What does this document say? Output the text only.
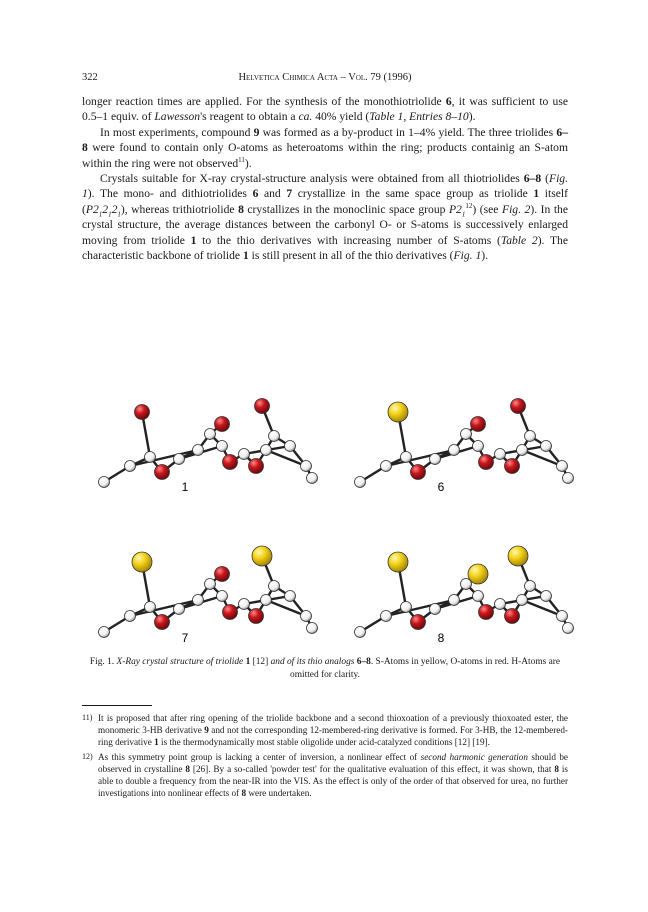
322	Helvetica Chimica Acta – Vol. 79 (1996)

longer reaction times are applied. For the synthesis of the monothiotriolide 6, it was sufficient to use 0.5–1 equiv. of Lawesson's reagent to obtain a ca. 40% yield (Table 1, Entries 8–10).

In most experiments, compound 9 was formed as a by-product in 1–4% yield. The three triolides 6–8 were found to contain only O-atoms as heteroatoms within the ring; products containig an S-atom within the ring were not observed$^{11}$).

Crystals suitable for X-ray crystal-structure analysis were obtained from all thiotriolides 6–8 (Fig. 1). The mono- and dithiotriolides 6 and 7 crystallize in the same space group as triolide 1 itself $(P2_12_12_1)$, whereas trithiotriolide 8 crystallizes in the monoclinic space group $P2_1^{12}$) (see Fig. 2). In the crystal structure, the average distances between the carbonyl O- or S-atoms is successively enlarged moving from triolide 1 to the thio derivatives with increasing number of S-atoms (Table 2). The characteristic backbone of triolide 1 is still present in all of the thio derivatives (Fig. 1).

1	6
7	8
Fig. 1. X-Ray crystal structure of triolide 1 [12] and of its thio analogs 6–8. S-Atoms in yellow, O-atoms in red. H-Atoms are omitted for clarity.
11) It is proposed that after ring opening of the triolide backbone and a second thioxoation of a previously thioxoated ester, the monomeric 3-HB derivative 9 and not the corresponding 12-membered-ring derivative is formed. For 3-HB, the 12-membered-ring derivative 1 is the thermodynamically most stable oligolide under acid-catalyzed conditions [12] [19].
12) As this symmetry point group is lacking a center of inversion, a nonlinear effect of second harmonic generation should be observed in crystalline 8 [26]. By a so-called 'powder test' for the qualitative evaluation of this effect, it was shown, that 8 is able to double a frequency from the near-IR into the VIS. As the effect is only of the order of that observed for urea, no further investigations into nonlinear effects of 8 were undertaken.
